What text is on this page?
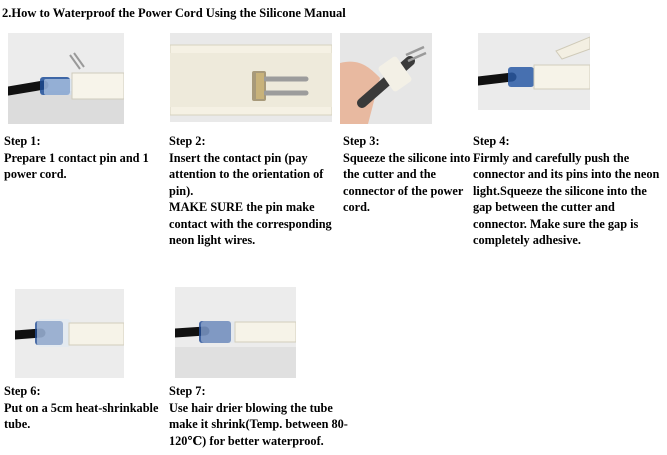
2.How to Waterproof the Power Cord Using the Silicone Manual
Step 1:
Prepare 1 contact pin and 1
power cord.
Step 2:
Insert the contact pin (pay
attention to the orientation of pin).
MAKE SURE the pin make
contact with the corresponding
neon light wires.
Step 3:
Squeeze the silicone into
the cutter and the
connector of the power
cord.
Step 4:
Firmly and carefully push the
connector and its pins into the neon
light.Squeeze the silicone into the
gap between the cutter and
connector. Make sure the gap is
completely adhesive.
Step 6:
Put on a 5cm heat-shrinkable
tube.
Step 7:
Use hair drier blowing the tube
make it shrink(Temp. between 80-
120℃) for better waterproof.
